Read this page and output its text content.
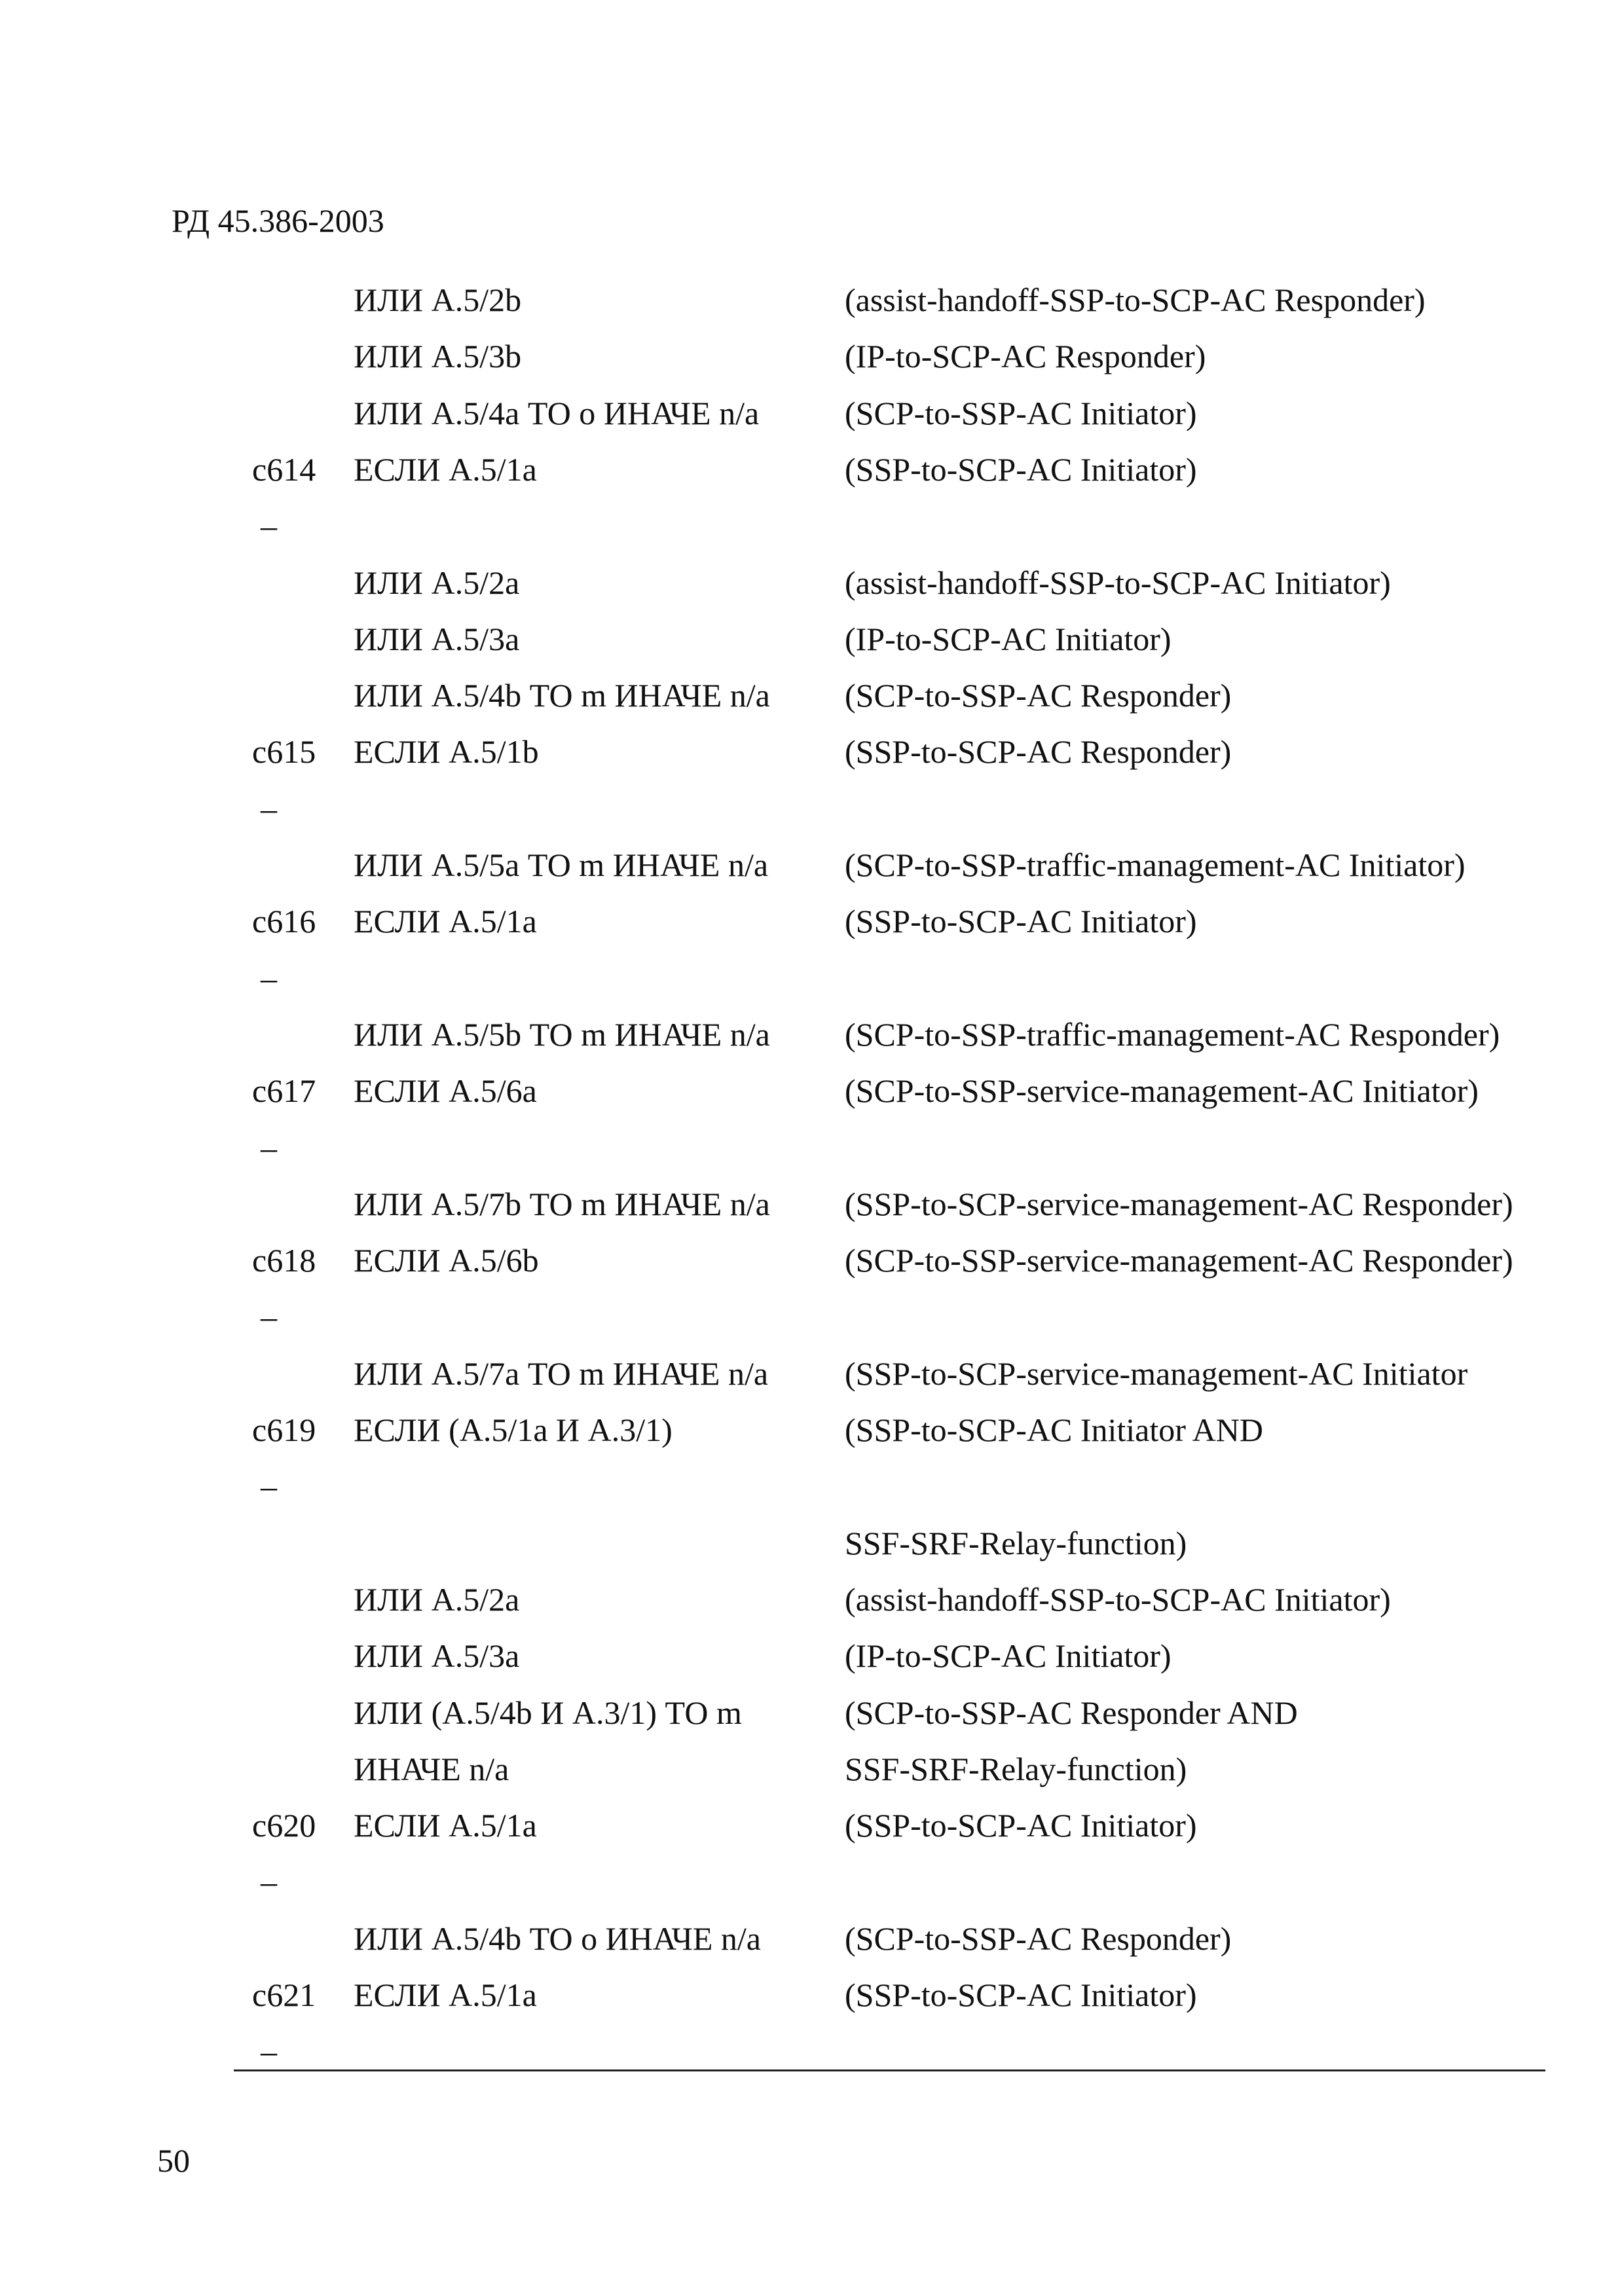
РД 45.386-2003
ИЛИ A.5/2b	(assist-handoff-SSP-to-SCP-AC Responder)
ИЛИ A.5/3b	(IP-to-SCP-AC Responder)
ИЛИ A.5/4a ТО о ИНАЧЕ n/a	(SCP-to-SSP-AC Initiator)
c614 ЕСЛИ A.5/1a	(SSP-to-SCP-AC Initiator)
–
ИЛИ A.5/2a	(assist-handoff-SSP-to-SCP-AC Initiator)
ИЛИ A.5/3a	(IP-to-SCP-AC Initiator)
ИЛИ A.5/4b ТО m ИНАЧЕ n/a (SCP-to-SSP-AC Responder)
c615 ЕСЛИ A.5/1b	(SSP-to-SCP-AC Responder)
–
ИЛИ A.5/5a ТО m ИНАЧЕ n/a (SCP-to-SSP-traffic-management-AC Initiator)
c616 ЕСЛИ A.5/1a	(SSP-to-SCP-AC Initiator)
–
ИЛИ A.5/5b ТО m ИНАЧЕ n/a (SCP-to-SSP-traffic-management-AC Responder)
c617 ЕСЛИ A.5/6a	(SCP-to-SSP-service-management-AC Initiator)
–
ИЛИ A.5/7b ТО m ИНАЧЕ n/a (SSP-to-SCP-service-management-AC Responder)
c618 ЕСЛИ A.5/6b	(SCP-to-SSP-service-management-AC Responder)
–
ИЛИ A.5/7a ТО m ИНАЧЕ n/a (SSP-to-SCP-service-management-AC Initiator
c619 ЕСЛИ (A.5/1a И A.3/1)	(SSP-to-SCP-AC Initiator AND
–
SSF-SRF-Relay-function)
ИЛИ A.5/2a	(assist-handoff-SSP-to-SCP-AC Initiator)
ИЛИ A.5/3a	(IP-to-SCP-AC Initiator)
ИЛИ (A.5/4b И A.3/1) ТО m	(SCP-to-SSP-AC Responder AND
ИНАЧЕ n/a	SSF-SRF-Relay-function)
c620 ЕСЛИ A.5/1a	(SSP-to-SCP-AC Initiator)
–
ИЛИ A.5/4b ТО о ИНАЧЕ n/a	(SCP-to-SSP-AC Responder)
c621 ЕСЛИ A.5/1a	(SSP-to-SCP-AC Initiator)
–
50
